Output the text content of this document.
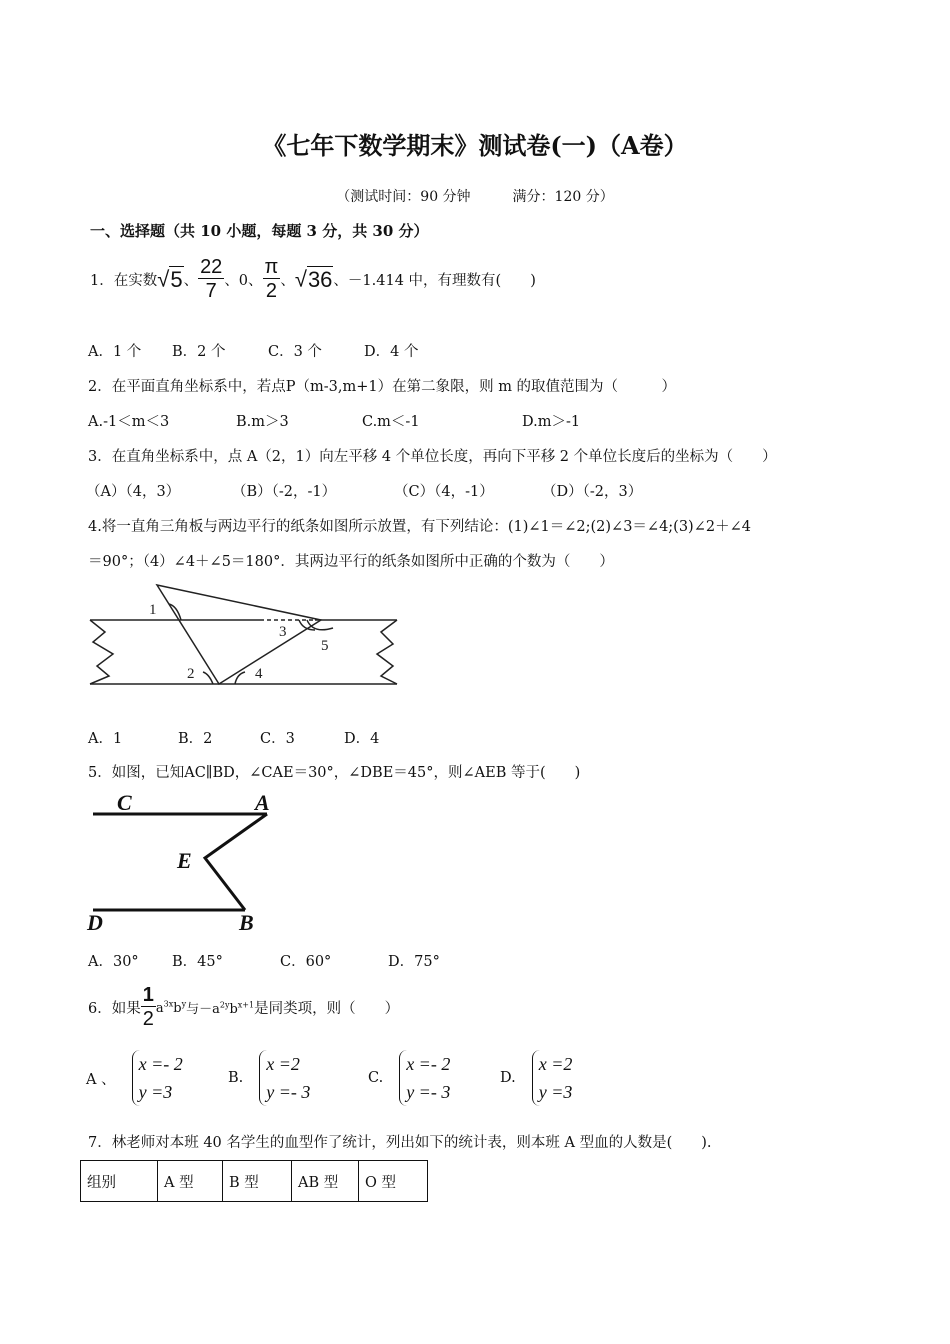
《七年下数学期末》测试卷(一)（A卷）
（测试时间：90 分钟　　　满分：120 分）
一、选择题（共 10 小题，每题 3 分，共 30 分）
1．在实数√5、 $\frac{22}{7}$ 、0、 $\frac{\pi}{2}$ 、√36、－1.414 中，有理数有(　　)
A．1 个 B．2 个	C．3 个	D．4 个
2．在平面直角坐标系中，若点P（m-3,m+1）在第二象限，则 m 的取值范围为（　　　）
A.-1＜m＜3	B.m＞3	C.m＜-1	D.m＞-1
3．在直角坐标系中，点 A（2，1）向左平移 4 个单位长度，再向下平移 2 个单位长度后的坐标为（　　）
（A）（4，3）	（B）（-2，-1）	（C）（4，-1）	（D）（-2，3）
4.将一直角三角板与两边平行的纸条如图所示放置，有下列结论：(1)∠1＝∠2;(2)∠3＝∠4;(3)∠2＋∠4
＝90°；（4）∠4＋∠5＝180°．其两边平行的纸条如图所中正确的个数为（　　）
1
2
3
4
5
A．1	B．2	C．3	D．4
5．如图，已知AC∥BD，∠CAE＝30°，∠DBE＝45°，则∠AEB 等于(　　)
C	A
E
D	B
A．30° B．45°	C．60°	D．75°
6．如果 $\frac{1}{2} a^{3x}b^y$与$-a^{2y}b^{x+1}$是同类项，则（　　）
A 、
x =- 2
y =3
B.
x =2
y =- 3
C.
x =- 2
y =- 3
D.
x =2
y =3
7．林老师对本班 40 名学生的血型作了统计，列出如下的统计表，则本班 A 型血的人数是(　　).
组别	A 型	B 型	AB 型	O 型
